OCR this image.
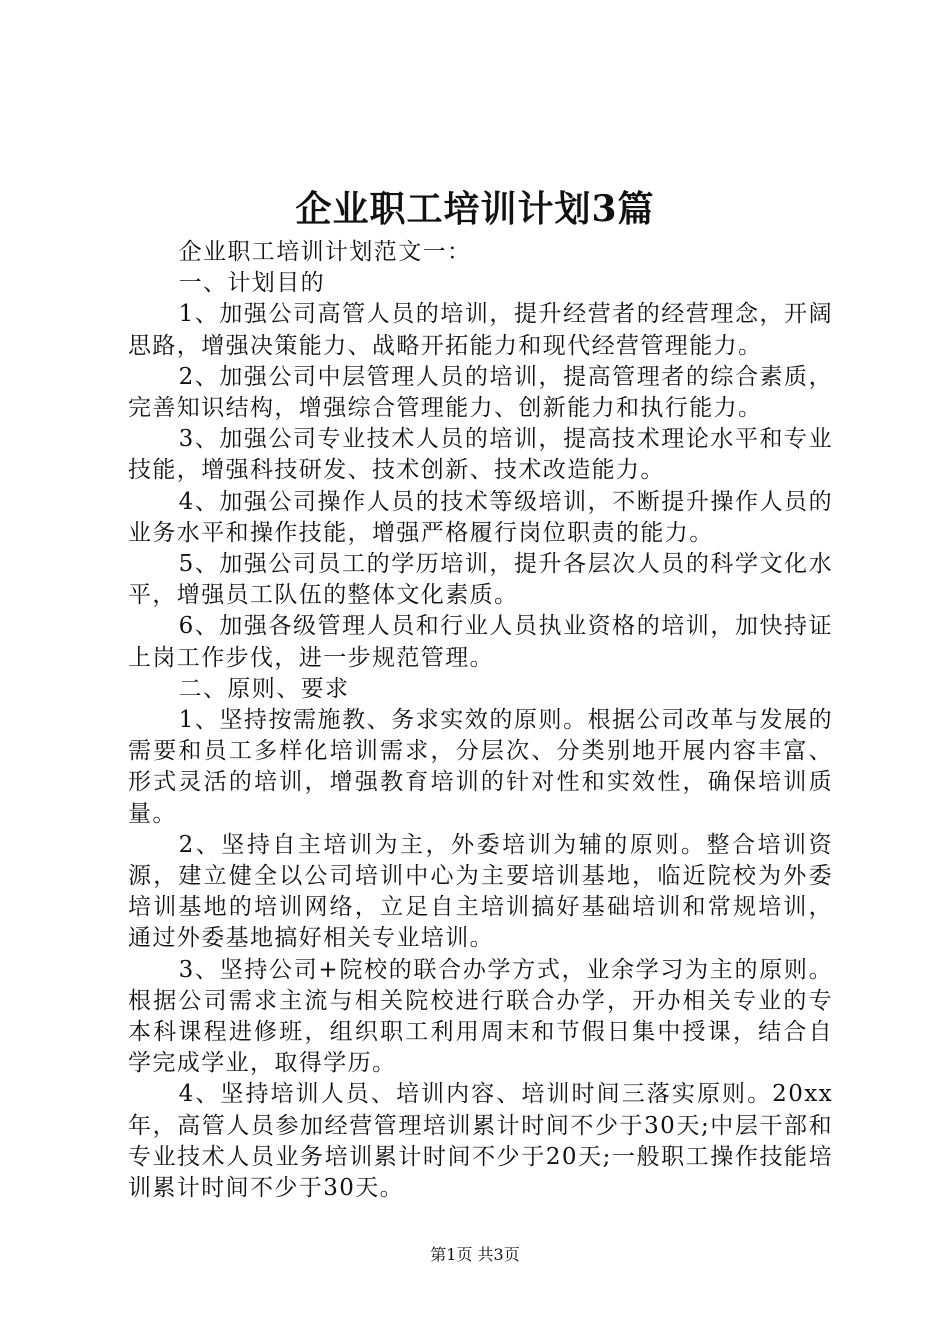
企业职工培训计划3篇

企业职工培训计划范文一：

一、计划目的

1、加强公司高管人员的培训，提升经营者的经营理念，开阔思路，增强决策能力、战略开拓能力和现代经营管理能力。

2、加强公司中层管理人员的培训，提高管理者的综合素质，完善知识结构，增强综合管理能力、创新能力和执行能力。

3、加强公司专业技术人员的培训，提高技术理论水平和专业技能，增强科技研发、技术创新、技术改造能力。

4、加强公司操作人员的技术等级培训，不断提升操作人员的业务水平和操作技能，增强严格履行岗位职责的能力。

5、加强公司员工的学历培训，提升各层次人员的科学文化水平，增强员工队伍的整体文化素质。

6、加强各级管理人员和行业人员执业资格的培训，加快持证上岗工作步伐，进一步规范管理。

二、原则、要求

1、坚持按需施教、务求实效的原则。根据公司改革与发展的需要和员工多样化培训需求，分层次、分类别地开展内容丰富、形式灵活的培训，增强教育培训的针对性和实效性，确保培训质量。

2、坚持自主培训为主，外委培训为辅的原则。整合培训资源，建立健全以公司培训中心为主要培训基地，临近院校为外委培训基地的培训网络，立足自主培训搞好基础培训和常规培训，通过外委基地搞好相关专业培训。

3、坚持公司+院校的联合办学方式，业余学习为主的原则。根据公司需求主流与相关院校进行联合办学，开办相关专业的专本科课程进修班，组织职工利用周末和节假日集中授课，结合自学完成学业，取得学历。

4、坚持培训人员、培训内容、培训时间三落实原则。20xx年，高管人员参加经营管理培训累计时间不少于30天;中层干部和专业技术人员业务培训累计时间不少于20天;一般职工操作技能培训累计时间不少于30天。

第1页 共3页
